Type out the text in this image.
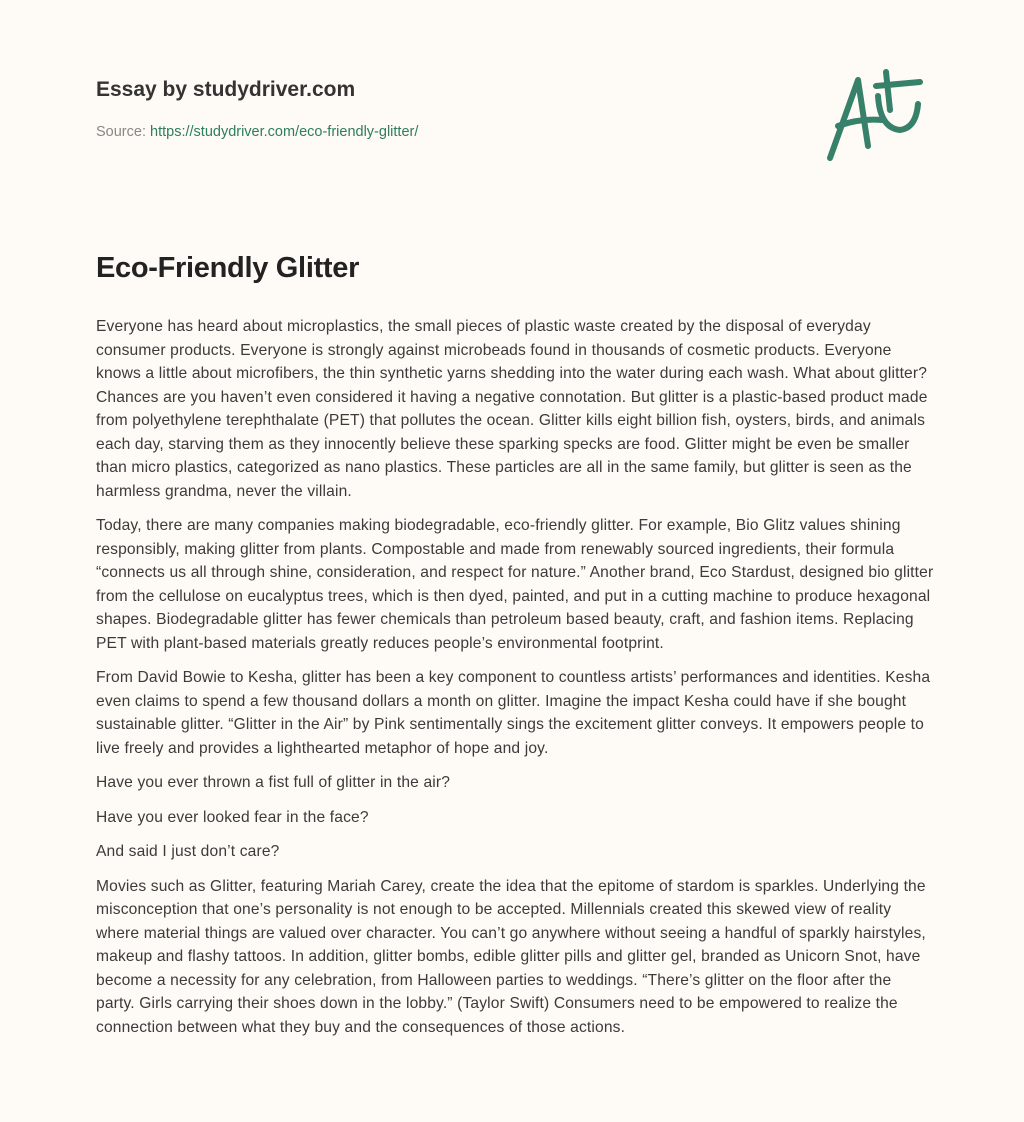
Essay by studydriver.com

Source: https://studydriver.com/eco-friendly-glitter/
Eco-Friendly Glitter

Everyone has heard about microplastics, the small pieces of plastic waste created by the disposal of everyday consumer products. Everyone is strongly against microbeads found in thousands of cosmetic products. Everyone knows a little about microfibers, the thin synthetic yarns shedding into the water during each wash. What about glitter? Chances are you haven’t even considered it having a negative connotation. But glitter is a plastic-based product made from polyethylene terephthalate (PET) that pollutes the ocean. Glitter kills eight billion fish, oysters, birds, and animals each day, starving them as they innocently believe these sparking specks are food. Glitter might be even be smaller than micro plastics, categorized as nano plastics. These particles are all in the same family, but glitter is seen as the harmless grandma, never the villain.

Today, there are many companies making biodegradable, eco-friendly glitter. For example, Bio Glitz values shining responsibly, making glitter from plants. Compostable and made from renewably sourced ingredients, their formula “connects us all through shine, consideration, and respect for nature.” Another brand, Eco Stardust, designed bio glitter from the cellulose on eucalyptus trees, which is then dyed, painted, and put in a cutting machine to produce hexagonal shapes. Biodegradable glitter has fewer chemicals than petroleum based beauty, craft, and fashion items. Replacing PET with plant-based materials greatly reduces people’s environmental footprint.

From David Bowie to Kesha, glitter has been a key component to countless artists’ performances and identities. Kesha even claims to spend a few thousand dollars a month on glitter. Imagine the impact Kesha could have if she bought sustainable glitter. “Glitter in the Air” by Pink sentimentally sings the excitement glitter conveys. It empowers people to live freely and provides a lighthearted metaphor of hope and joy.

Have you ever thrown a fist full of glitter in the air?

Have you ever looked fear in the face?

And said I just don’t care?

Movies such as Glitter, featuring Mariah Carey, create the idea that the epitome of stardom is sparkles. Underlying the misconception that one’s personality is not enough to be accepted. Millennials created this skewed view of reality where material things are valued over character. You can’t go anywhere without seeing a handful of sparkly hairstyles, makeup and flashy tattoos. In addition, glitter bombs, edible glitter pills and glitter gel, branded as Unicorn Snot, have become a necessity for any celebration, from Halloween parties to weddings. “There’s glitter on the floor after the party. Girls carrying their shoes down in the lobby.” (Taylor Swift) Consumers need to be empowered to realize the connection between what they buy and the consequences of those actions.
